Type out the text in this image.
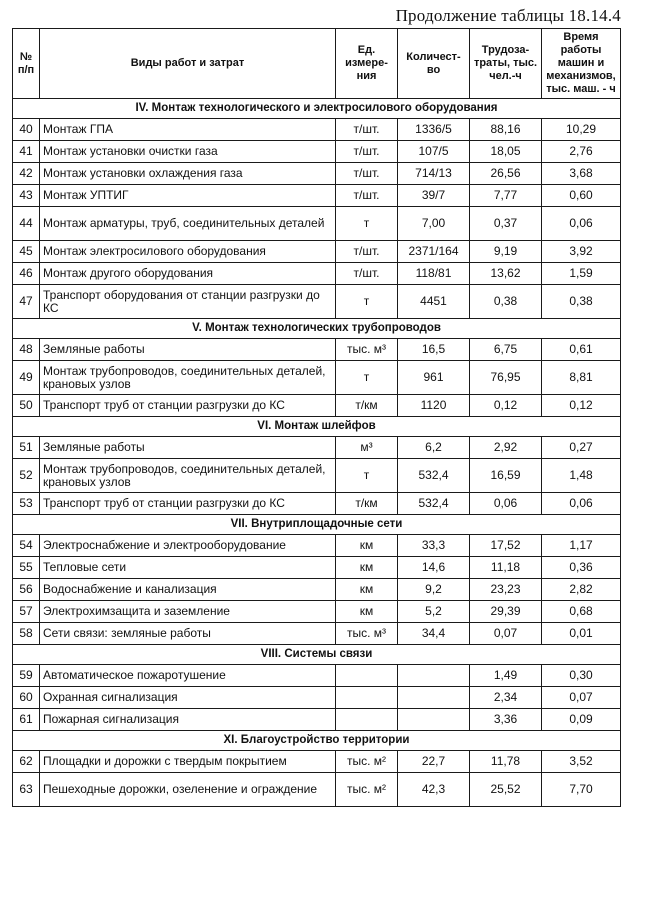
Продолжение таблицы 18.14.4
№ п/п	Виды работ и затрат	Ед. измере-ния	Количест-во	Трудоза-траты, тыс. чел.-ч	Время работы машин и механизмов, тыс. маш. - ч
IV. Монтаж технологического и электросилового оборудования					
40	Монтаж ГПА	т/шт.	1336/5	88,16	10,29
41	Монтаж установки очистки газа	т/шт.	107/5	18,05	2,76
42	Монтаж установки охлаждения газа	т/шт.	714/13	26,56	3,68
43	Монтаж УПТИГ	т/шт.	39/7	7,77	0,60
44	Монтаж арматуры, труб, соединительных деталей	т	7,00	0,37	0,06
45	Монтаж электросилового оборудования	т/шт.	2371/164	9,19	3,92
46	Монтаж другого оборудования	т/шт.	118/81	13,62	1,59
47	Транспорт оборудования от станции разгрузки до КС	т	4451	0,38	0,38
V. Монтаж технологических трубопроводов					
48	Земляные работы	тыс. м³	16,5	6,75	0,61
49	Монтаж трубопроводов, соединительных деталей, крановых узлов	т	961	76,95	8,81
50	Транспорт труб от станции разгрузки до КС	т/км	1120	0,12	0,12
VI. Монтаж шлейфов					
51	Земляные работы	м³	6,2	2,92	0,27
52	Монтаж трубопроводов, соединительных деталей, крановых узлов	т	532,4	16,59	1,48
53	Транспорт труб от станции разгрузки до КС	т/км	532,4	0,06	0,06
VII. Внутриплощадочные сети					
54	Электроснабжение и электрооборудование	км	33,3	17,52	1,17
55	Тепловые сети	км	14,6	11,18	0,36
56	Водоснабжение и канализация	км	9,2	23,23	2,82
57	Электрохимзащита и заземление	км	5,2	29,39	0,68
58	Сети связи: земляные работы	тыс. м³	34,4	0,07	0,01
VIII. Системы связи					
59	Автоматическое пожаротушение			1,49	0,30
60	Охранная сигнализация			2,34	0,07
61	Пожарная сигнализация			3,36	0,09
XI. Благоустройство территории					
62	Площадки и дорожки с твердым покрытием	тыс. м²	22,7	11,78	3,52
63	Пешеходные дорожки, озеленение и ограждение	тыс. м²	42,3	25,52	7,70
